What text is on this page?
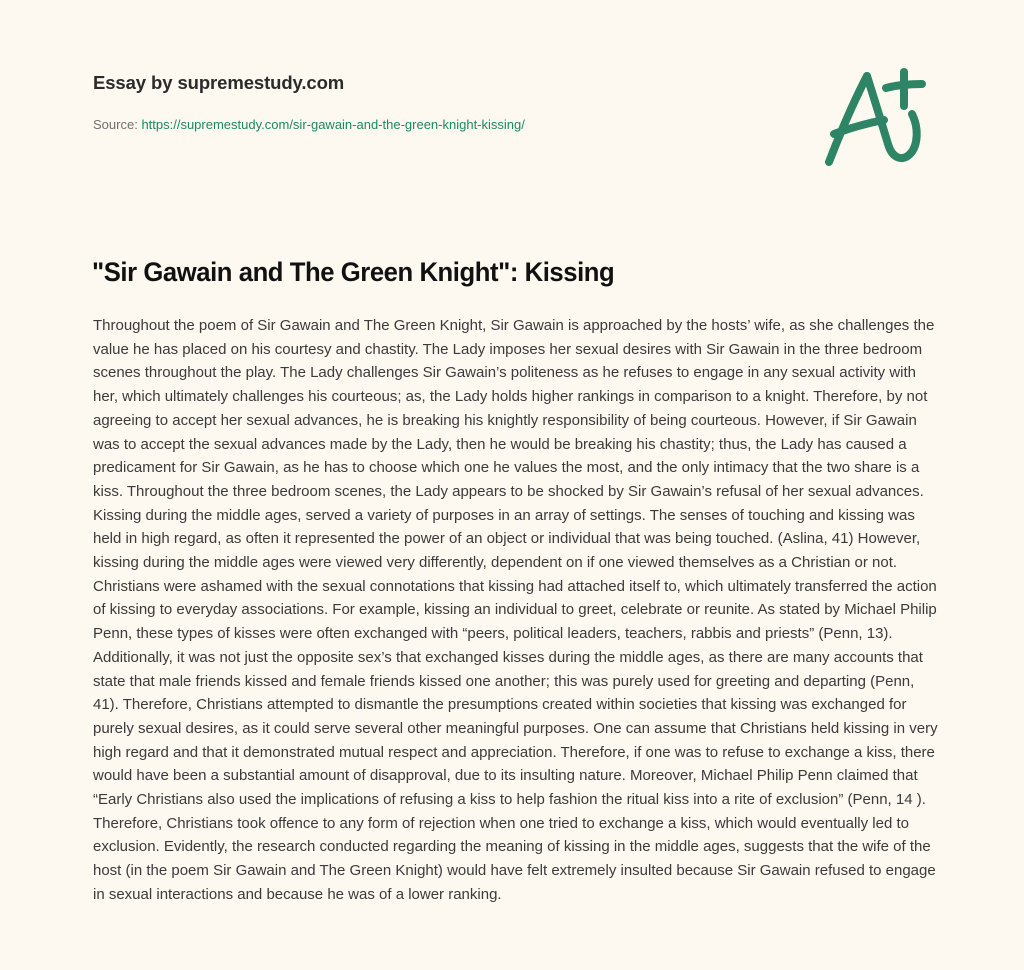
Essay by supremestudy.com
Source: https://supremestudy.com/sir-gawain-and-the-green-knight-kissing/
"Sir Gawain and The Green Knight": Kissing

Throughout the poem of Sir Gawain and The Green Knight, Sir Gawain is approached by the hosts’ wife, as she challenges the value he has placed on his courtesy and chastity. The Lady imposes her sexual desires with Sir Gawain in the three bedroom scenes throughout the play. The Lady challenges Sir Gawain’s politeness as he refuses to engage in any sexual activity with her, which ultimately challenges his courteous; as, the Lady holds higher rankings in comparison to a knight. Therefore, by not agreeing to accept her sexual advances, he is breaking his knightly responsibility of being courteous. However, if Sir Gawain was to accept the sexual advances made by the Lady, then he would be breaking his chastity; thus, the Lady has caused a predicament for Sir Gawain, as he has to choose which one he values the most, and the only intimacy that the two share is a kiss. Throughout the three bedroom scenes, the Lady appears to be shocked by Sir Gawain’s refusal of her sexual advances. Kissing during the middle ages, served a variety of purposes in an array of settings. The senses of touching and kissing was held in high regard, as often it represented the power of an object or individual that was being touched. (Aslina, 41) However, kissing during the middle ages were viewed very differently, dependent on if one viewed themselves as a Christian or not. Christians were ashamed with the sexual connotations that kissing had attached itself to, which ultimately transferred the action of kissing to everyday associations. For example, kissing an individual to greet, celebrate or reunite. As stated by Michael Philip Penn, these types of kisses were often exchanged with “peers, political leaders, teachers, rabbis and priests” (Penn, 13). Additionally, it was not just the opposite sex’s that exchanged kisses during the middle ages, as there are many accounts that state that male friends kissed and female friends kissed one another; this was purely used for greeting and departing (Penn, 41). Therefore, Christians attempted to dismantle the presumptions created within societies that kissing was exchanged for purely sexual desires, as it could serve several other meaningful purposes. One can assume that Christians held kissing in very high regard and that it demonstrated mutual respect and appreciation. Therefore, if one was to refuse to exchange a kiss, there would have been a substantial amount of disapproval, due to its insulting nature. Moreover, Michael Philip Penn claimed that “Early Christians also used the implications of refusing a kiss to help fashion the ritual kiss into a rite of exclusion” (Penn, 14 ). Therefore, Christians took offence to any form of rejection when one tried to exchange a kiss, which would eventually led to exclusion. Evidently, the research conducted regarding the meaning of kissing in the middle ages, suggests that the wife of the host (in the poem Sir Gawain and The Green Knight) would have felt extremely insulted because Sir Gawain refused to engage in sexual interactions and because he was of a lower ranking.
